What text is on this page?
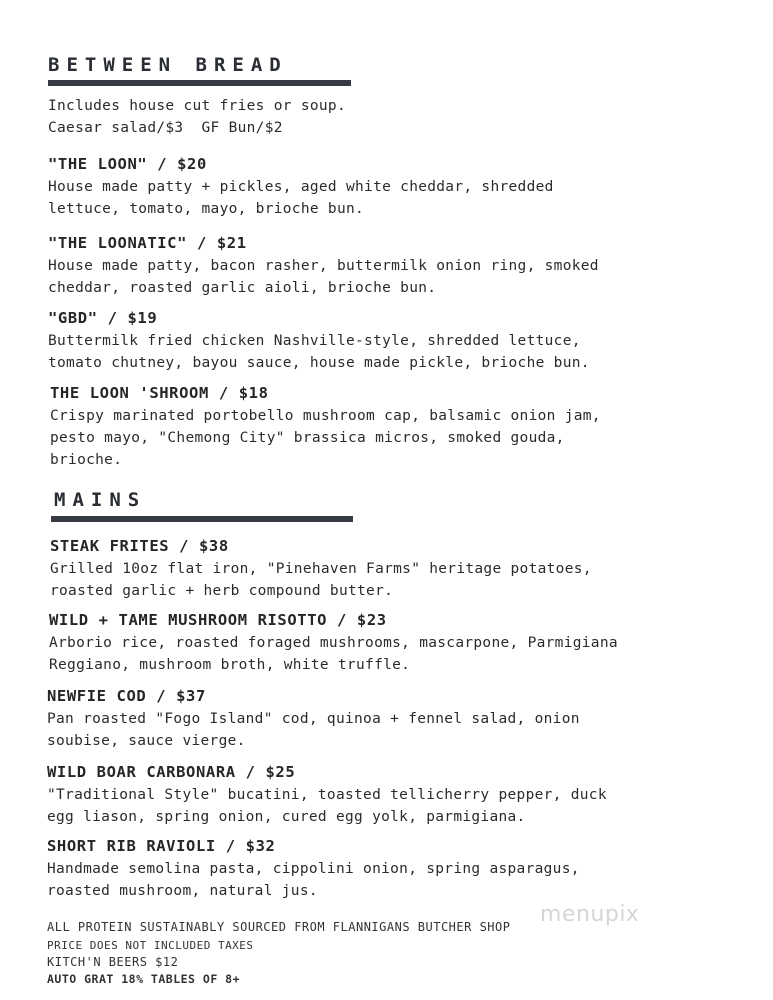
BETWEEN BREAD

Includes house cut fries or soup.

Caesar salad/$3  GF Bun/$2

"THE LOON" / $20

House made patty + pickles, aged white cheddar, shredded

lettuce, tomato, mayo, brioche bun.

"THE LOONATIC" / $21

House made patty, bacon rasher, buttermilk onion ring, smoked

cheddar, roasted garlic aioli, brioche bun.

"GBD" / $19

Buttermilk fried chicken Nashville-style, shredded lettuce,

tomato chutney, bayou sauce, house made pickle, brioche bun.

THE LOON 'SHROOM / $18

Crispy marinated portobello mushroom cap, balsamic onion jam,

pesto mayo, "Chemong City" brassica micros, smoked gouda,

brioche.

MAINS

STEAK FRITES / $38

Grilled 10oz flat iron, "Pinehaven Farms" heritage potatoes,

roasted garlic + herb compound butter.

WILD + TAME MUSHROOM RISOTTO / $23

Arborio rice, roasted foraged mushrooms, mascarpone, Parmigiana

Reggiano, mushroom broth, white truffle.

NEWFIE COD / $37

Pan roasted "Fogo Island" cod, quinoa + fennel salad, onion

soubise, sauce vierge.

WILD BOAR CARBONARA / $25

"Traditional Style" bucatini, toasted tellicherry pepper, duck

egg liason, spring onion, cured egg yolk, parmigiana.

SHORT RIB RAVIOLI / $32

Handmade semolina pasta, cippolini onion, spring asparagus,

roasted mushroom, natural jus.

ALL PROTEIN SUSTAINABLY SOURCED FROM FLANNIGANS BUTCHER SHOP

PRICE DOES NOT INCLUDED TAXES

KITCH'N BEERS $12

AUTO GRAT 18% TABLES OF 8+

menupix
